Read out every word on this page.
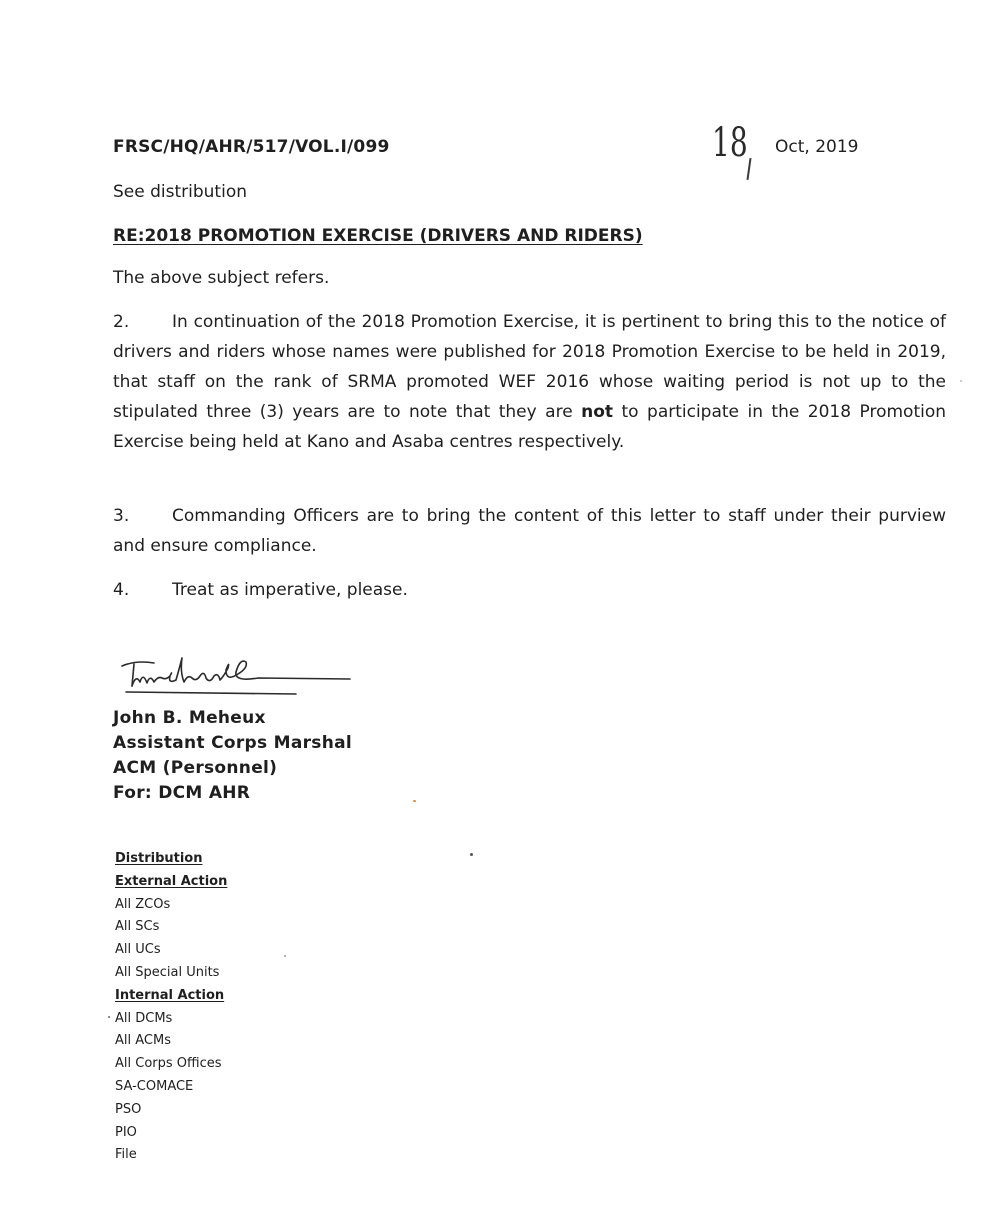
FRSC/HQ/AHR/517/VOL.I/099	18 Oct, 2019
See distribution
RE:2018 PROMOTION EXERCISE (DRIVERS AND RIDERS)
The above subject refers.
2.	In continuation of the 2018 Promotion Exercise, it is pertinent to bring this to the notice of drivers and riders whose names were published for 2018 Promotion Exercise to be held in 2019, that staff on the rank of SRMA promoted WEF 2016 whose waiting period is not up to the stipulated three (3) years are to note that they are not to participate in the 2018 Promotion Exercise being held at Kano and Asaba centres respectively.
3.	Commanding Officers are to bring the content of this letter to staff under their purview and ensure compliance.
4.	Treat as imperative, please.
John B. Meheux
Assistant Corps Marshal
ACM (Personnel)
For: DCM AHR
Distribution
External Action
All ZCOs
All SCs
All UCs
All Special Units
Internal Action
All DCMs
All ACMs
All Corps Offices
SA-COMACE
PSO
PIO
File
